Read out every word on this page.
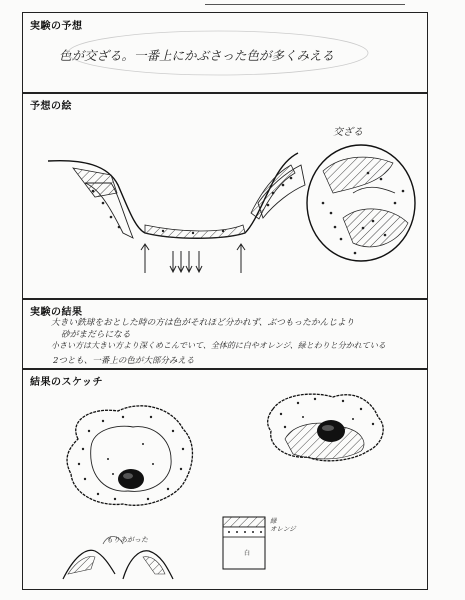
実験の予想
色が交ざる。一番上にかぶさった色が多くみえる
予想の絵
交ざる
実験の結果
大きい鉄球をおとした時の方は色がそれほど分かれず、ぶつもったかんじより
砂がまだらになる
小さい方は大きい方より深くめこんでいて、全体的に白やオレンジ、緑とわりと分かれている
2つとも、一番上の色が大部分みえる
結果のスケッチ
もりあがった
緑
オレンジ
白
